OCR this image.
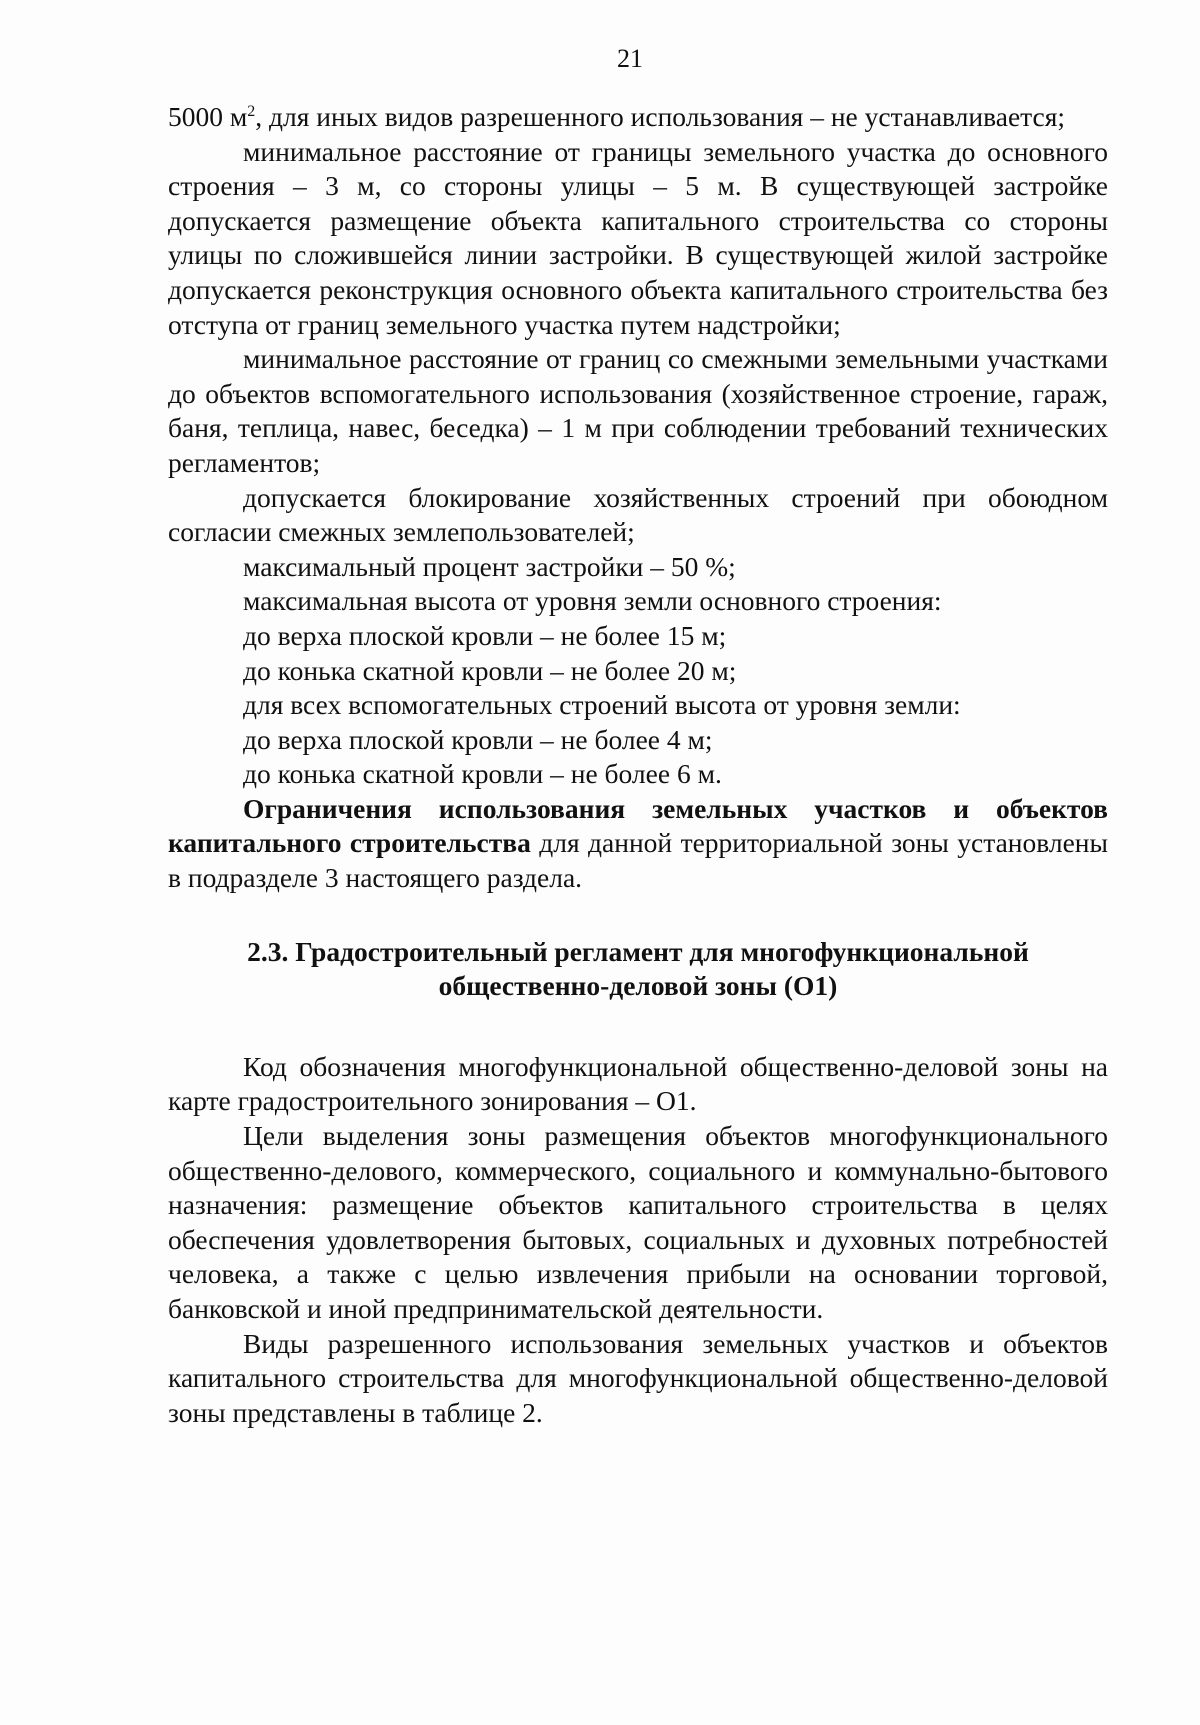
21

5000 $м^2$, для иных видов разрешенного использования – не устанавливается;

минимальное расстояние от границы земельного участка до основного строения – 3 м, со стороны улицы – 5 м. В существующей застройке допускается размещение объекта капитального строительства со стороны улицы по сложившейся линии застройки. В существующей жилой застройке допускается реконструкция основного объекта капитального строительства без отступа от границ земельного участка путем надстройки;

минимальное расстояние от границ со смежными земельными участками до объектов вспомогательного использования (хозяйственное строение, гараж, баня, теплица, навес, беседка) – 1 м при соблюдении требований технических регламентов;

допускается блокирование хозяйственных строений при обоюдном согласии смежных землепользователей;

максимальный процент застройки – 50 %;

максимальная высота от уровня земли основного строения:

до верха плоской кровли – не более 15 м;

до конька скатной кровли – не более 20 м;

для всех вспомогательных строений высота от уровня земли:

до верха плоской кровли – не более 4 м;

до конька скатной кровли – не более 6 м.

Ограничения использования земельных участков и объектов капитального строительства для данной территориальной зоны установлены в подразделе 3 настоящего раздела.

2.3. Градостроительный регламент для многофункциональной
общественно-деловой зоны (О1)

Код обозначения многофункциональной общественно-деловой зоны на карте градостроительного зонирования – О1.

Цели выделения зоны размещения объектов многофункционального общественно-делового, коммерческого, социального и коммунально-бытового назначения: размещение объектов капитального строительства в целях обеспечения удовлетворения бытовых, социальных и духовных потребностей человека, а также с целью извлечения прибыли на основании торговой, банковской и иной предпринимательской деятельности.

Виды разрешенного использования земельных участков и объектов капитального строительства для многофункциональной общественно-деловой зоны представлены в таблице 2.
